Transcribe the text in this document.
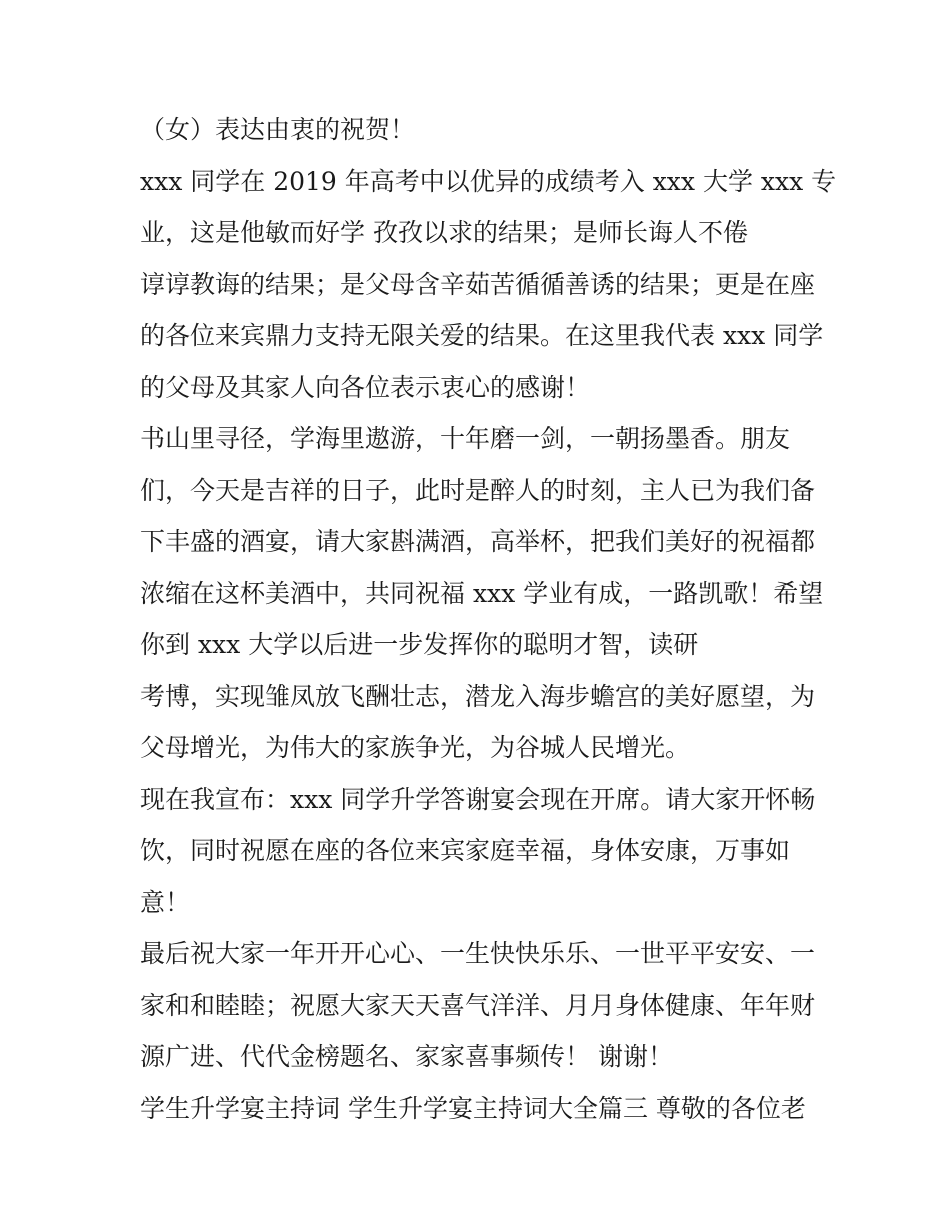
（女）表达由衷的祝贺！
xxx 同学在 2019 年高考中以优异的成绩考入 xxx 大学 xxx 专
业，这是他敏而好学 孜孜以求的结果；是师长诲人不倦
谆谆教诲的结果；是父母含辛茹苦循循善诱的结果；更是在座
的各位来宾鼎力支持无限关爱的结果。在这里我代表 xxx 同学
的父母及其家人向各位表示衷心的感谢！
书山里寻径，学海里遨游，十年磨一剑，一朝扬墨香。朋友
们，今天是吉祥的日子，此时是醉人的时刻，主人已为我们备
下丰盛的酒宴，请大家斟满酒，高举杯，把我们美好的祝福都
浓缩在这杯美酒中，共同祝福 xxx 学业有成，一路凯歌！希望
你到 xxx 大学以后进一步发挥你的聪明才智，读研
考博，实现雏凤放飞酬壮志，潜龙入海步蟾宫的美好愿望，为
父母增光，为伟大的家族争光，为谷城人民增光。
现在我宣布：xxx 同学升学答谢宴会现在开席。请大家开怀畅
饮，同时祝愿在座的各位来宾家庭幸福，身体安康，万事如
意！
最后祝大家一年开开心心、一生快快乐乐、一世平平安安、一
家和和睦睦；祝愿大家天天喜气洋洋、月月身体健康、年年财
源广进、代代金榜题名、家家喜事频传！ 谢谢！
学生升学宴主持词 学生升学宴主持词大全篇三 尊敬的各位老
